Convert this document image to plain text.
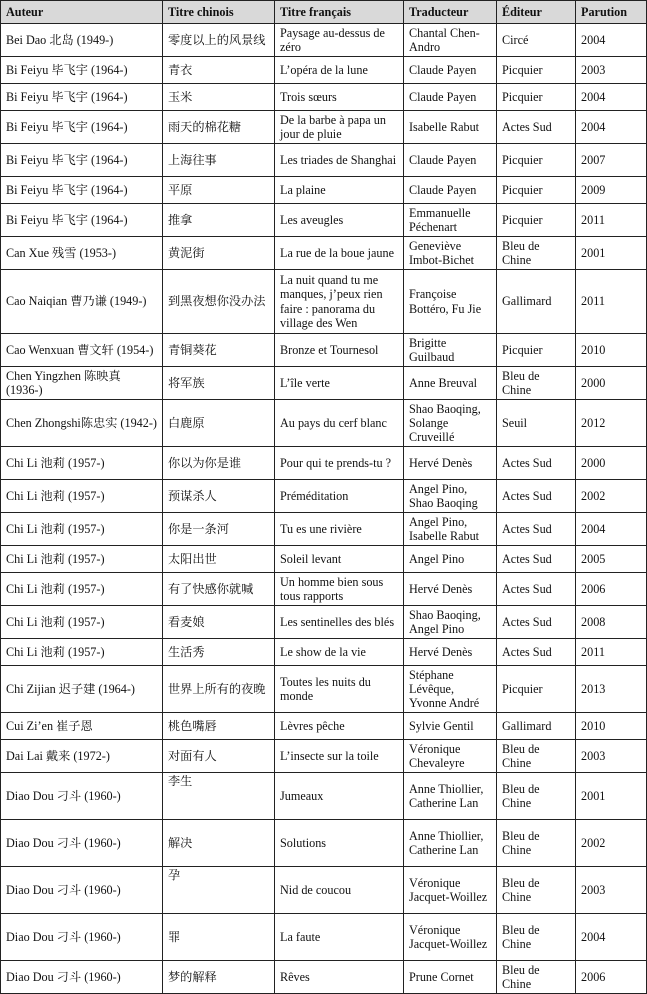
Auteur	Titre chinois	Titre français	Traducteur	Éditeur	Parution
Bei Dao 北岛 (1949-)	零度以上的风景线	Paysage au-dessus de zéro	Chantal Chen-Andro	Circé	2004
Bi Feiyu 毕飞宇 (1964-)	青衣	L’opéra de la lune	Claude Payen	Picquier	2003
Bi Feiyu 毕飞宇 (1964-)	玉米	Trois sœurs	Claude Payen	Picquier	2004
Bi Feiyu 毕飞宇 (1964-)	雨天的棉花糖	De la barbe à papa un jour de pluie	Isabelle Rabut	Actes Sud	2004
Bi Feiyu 毕飞宇 (1964-)	上海往事	Les triades de Shanghai	Claude Payen	Picquier	2007
Bi Feiyu 毕飞宇 (1964-)	平原	La plaine	Claude Payen	Picquier	2009
Bi Feiyu 毕飞宇 (1964-)	推拿	Les aveugles	Emmanuelle Péchenart	Picquier	2011
Can Xue 残雪 (1953-)	黄泥街	La rue de la boue jaune	Geneviève Imbot-Bichet	Bleu de Chine	2001
Cao Naiqian 曹乃谦 (1949-)	到黑夜想你没办法	La nuit quand tu me manques, j’peux rien faire : panorama du village des Wen	Françoise Bottéro, Fu Jie	Gallimard	2011
Cao Wenxuan 曹文轩 (1954-)	青铜葵花	Bronze et Tournesol	Brigitte Guilbaud	Picquier	2010
Chen Yingzhen 陈映真 (1936-)	将军族	L’île verte	Anne Breuval	Bleu de Chine	2000
Chen Zhongshi陈忠实 (1942-)	白鹿原	Au pays du cerf blanc	Shao Baoqing, Solange Cruveillé	Seuil	2012
Chi Li 池莉 (1957-)	你以为你是谁	Pour qui te prends-tu ?	Hervé Denès	Actes Sud	2000
Chi Li 池莉 (1957-)	预谋杀人	Préméditation	Angel Pino, Shao Baoqing	Actes Sud	2002
Chi Li 池莉 (1957-)	你是一条河	Tu es une rivière	Angel Pino, Isabelle Rabut	Actes Sud	2004
Chi Li 池莉 (1957-)	太阳出世	Soleil levant	Angel Pino	Actes Sud	2005
Chi Li 池莉 (1957-)	有了快感你就喊	Un homme bien sous tous rapports	Hervé Denès	Actes Sud	2006
Chi Li 池莉 (1957-)	看麦娘	Les sentinelles des blés	Shao Baoqing, Angel Pino	Actes Sud	2008
Chi Li 池莉 (1957-)	生活秀	Le show de la vie	Hervé Denès	Actes Sud	2011
Chi Zijian 迟子建 (1964-)	世界上所有的夜晚	Toutes les nuits du monde	Stéphane Lévêque, Yvonne André	Picquier	2013
Cui Zi’en 崔子恩	桃色嘴唇	Lèvres pêche	Sylvie Gentil	Gallimard	2010
Dai Lai 戴来 (1972-)	对面有人	L’insecte sur la toile	Véronique Chevaleyre	Bleu de Chine	2003
Diao Dou 刁斗 (1960-)	李生	Jumeaux	Anne Thiollier, Catherine Lan	Bleu de Chine	2001
Diao Dou 刁斗 (1960-)	解决	Solutions	Anne Thiollier, Catherine Lan	Bleu de Chine	2002
Diao Dou 刁斗 (1960-)	孕	Nid de coucou	Véronique Jacquet-Woillez	Bleu de Chine	2003
Diao Dou 刁斗 (1960-)	罪	La faute	Véronique Jacquet-Woillez	Bleu de Chine	2004
Diao Dou 刁斗 (1960-)	梦的解释	Rêves	Prune Cornet	Bleu de Chine	2006
